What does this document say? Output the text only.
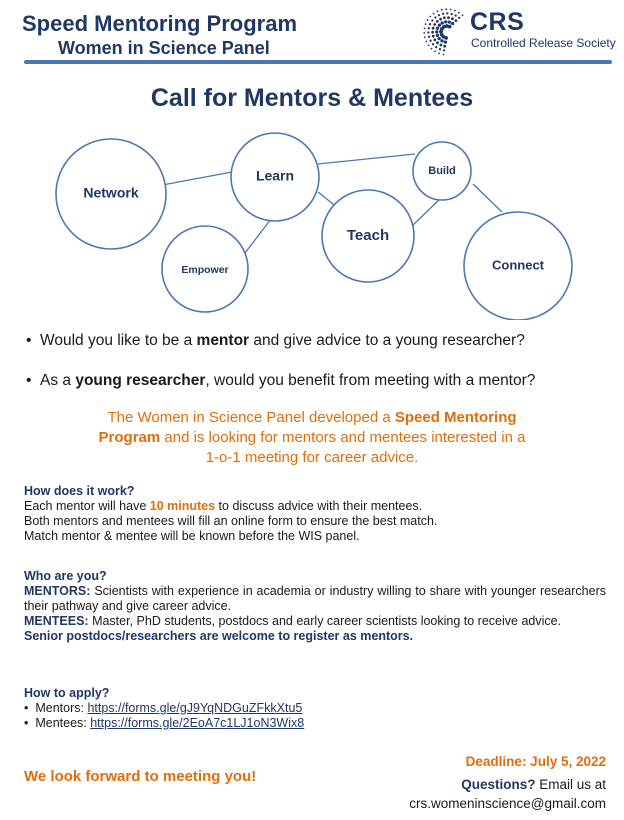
Speed Mentoring Program
Women in Science Panel
CRS
Controlled Release Society
Call for Mentors & Mentees
Network
Learn	Build
Empower
Teach
Connect
• Would you like to be a mentor and give advice to a young researcher?
• As a young researcher, would you benefit from meeting with a mentor?
The Women in Science Panel developed a Speed Mentoring
Program and is looking for mentors and mentees interested in a
1-o-1 meeting for career advice.
How does it work?
Each mentor will have 10 minutes to discuss advice with their mentees.
Both mentors and mentees will fill an online form to ensure the best match.
Match mentor & mentee will be known before the WIS panel.
Who are you?
MENTORS: Scientists with experience in academia or industry willing to share with younger researchers their pathway and give career advice.
MENTEES: Master, PhD students, postdocs and early career scientists looking to receive advice.
Senior postdocs/researchers are welcome to register as mentors.
How to apply?
•  Mentors: https://forms.gle/gJ9YqNDGuZFkkXtu5
•  Mentees: https://forms.gle/2EoA7c1LJ1oN3Wix8
We look forward to meeting you!
Deadline: July 5, 2022
Questions? Email us at
crs.womeninscience@gmail.com
